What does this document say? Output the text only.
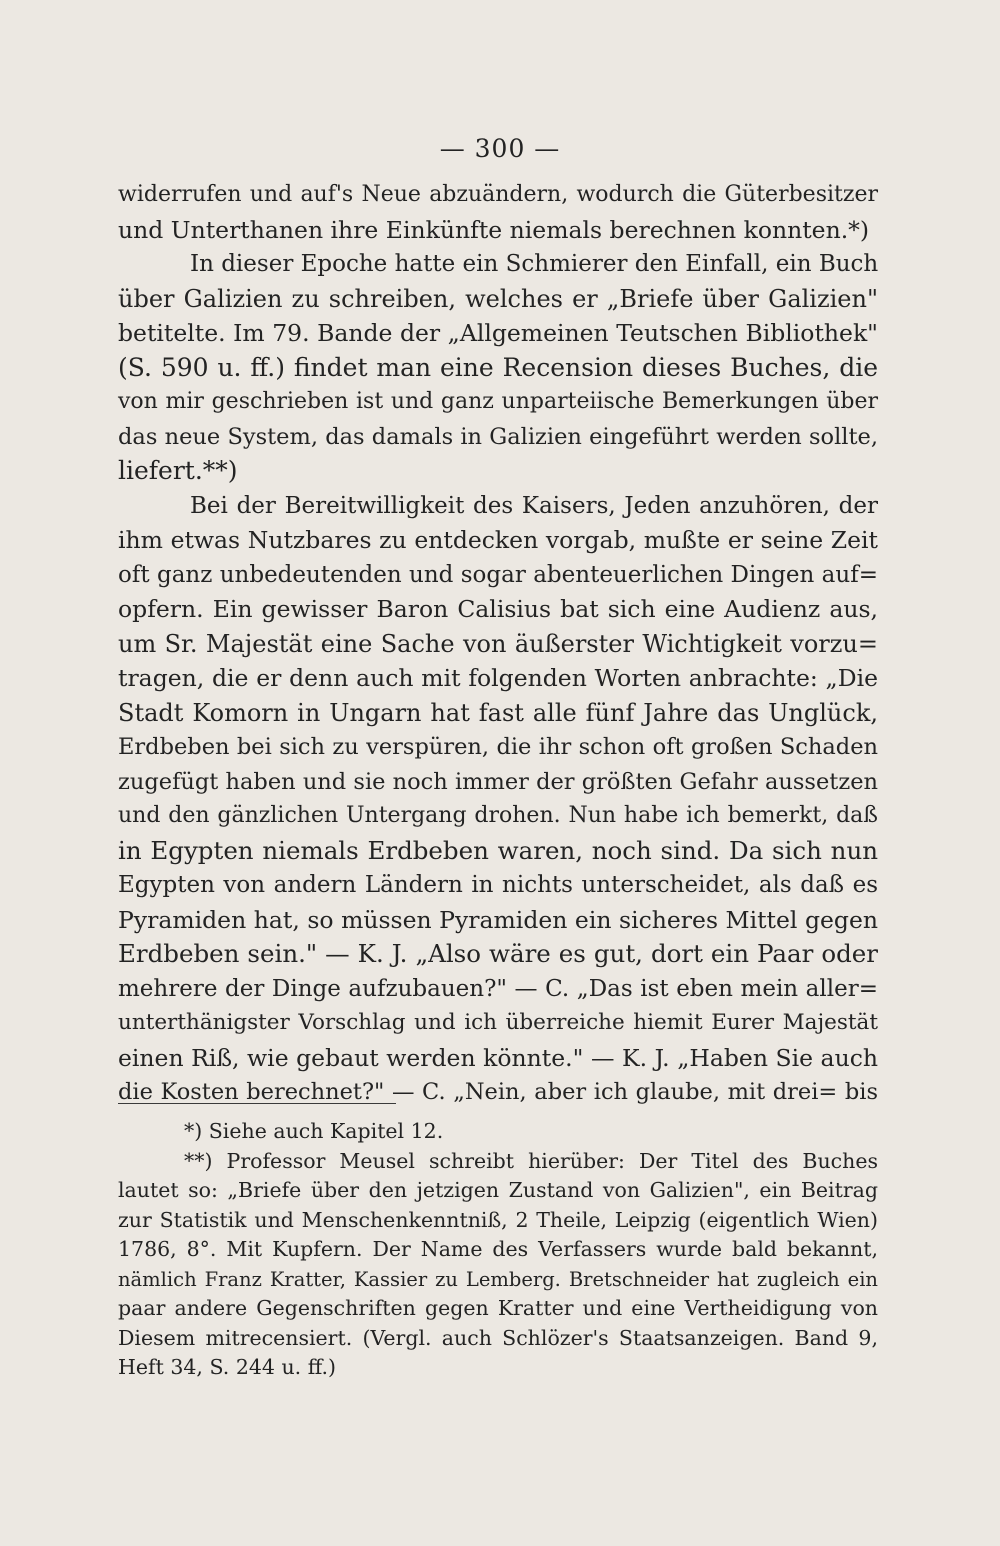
— 300 —
widerrufen und auf's Neue abzuändern, wodurch die Güterbesitzer
und Unterthanen ihre Einkünfte niemals berechnen konnten.*)
In dieser Epoche hatte ein Schmierer den Einfall, ein Buch
über Galizien zu schreiben, welches er „Briefe über Galizien"
betitelte. Im 79. Bande der „Allgemeinen Teutschen Bibliothek"
(S. 590 u. ff.) findet man eine Recension dieses Buches, die
von mir geschrieben ist und ganz unparteiische Bemerkungen über
das neue System, das damals in Galizien eingeführt werden sollte,
liefert.**)
Bei der Bereitwilligkeit des Kaisers, Jeden anzuhören, der
ihm etwas Nutzbares zu entdecken vorgab, mußte er seine Zeit
oft ganz unbedeutenden und sogar abenteuerlichen Dingen auf=
opfern. Ein gewisser Baron Calisius bat sich eine Audienz aus,
um Sr. Majestät eine Sache von äußerster Wichtigkeit vorzu=
tragen, die er denn auch mit folgenden Worten anbrachte: „Die
Stadt Komorn in Ungarn hat fast alle fünf Jahre das Unglück,
Erdbeben bei sich zu verspüren, die ihr schon oft großen Schaden
zugefügt haben und sie noch immer der größten Gefahr aussetzen
und den gänzlichen Untergang drohen. Nun habe ich bemerkt, daß
in Egypten niemals Erdbeben waren, noch sind. Da sich nun
Egypten von andern Ländern in nichts unterscheidet, als daß es
Pyramiden hat, so müssen Pyramiden ein sicheres Mittel gegen
Erdbeben sein." — K. J. „Also wäre es gut, dort ein Paar oder
mehrere der Dinge aufzubauen?" — C. „Das ist eben mein aller=
unterthänigster Vorschlag und ich überreiche hiemit Eurer Majestät
einen Riß, wie gebaut werden könnte." — K. J. „Haben Sie auch
die Kosten berechnet?" — C. „Nein, aber ich glaube, mit drei= bis
*) Siehe auch Kapitel 12.
**) Professor Meusel schreibt hierüber: Der Titel des Buches
lautet so: „Briefe über den jetzigen Zustand von Galizien", ein Beitrag
zur Statistik und Menschenkenntniß, 2 Theile, Leipzig (eigentlich Wien)
1786, 8°. Mit Kupfern. Der Name des Verfassers wurde bald bekannt,
nämlich Franz Kratter, Kassier zu Lemberg. Bretschneider hat zugleich ein
paar andere Gegenschriften gegen Kratter und eine Vertheidigung von
Diesem mitrecensiert. (Vergl. auch Schlözer's Staatsanzeigen. Band 9,
Heft 34, S. 244 u. ff.)
